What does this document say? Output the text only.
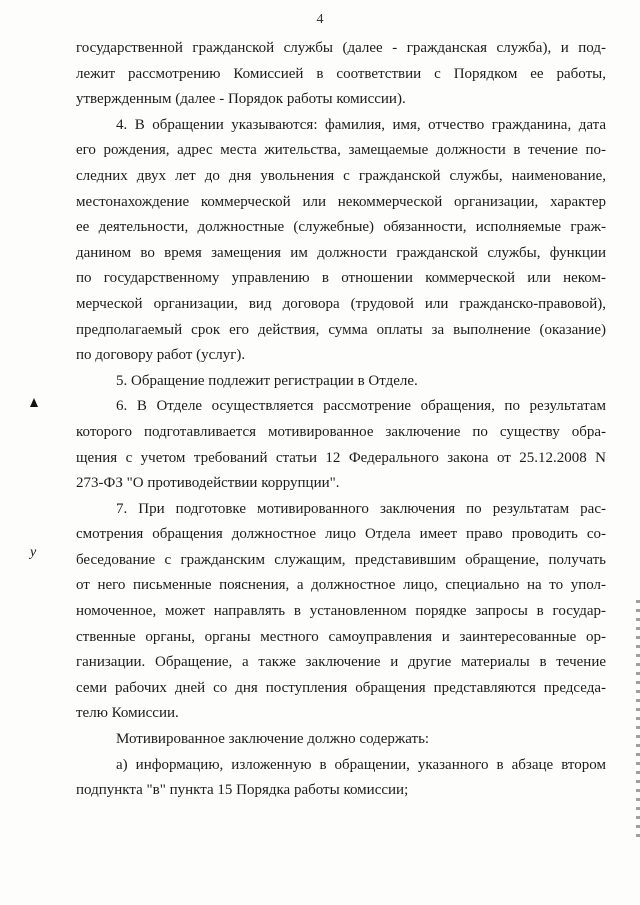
4
государственной гражданской службы (далее - гражданская служба), и под-
лежит рассмотрению Комиссией в соответствии с Порядком ее работы,
утвержденным (далее - Порядок работы комиссии).
4. В обращении указываются: фамилия, имя, отчество гражданина, дата
его рождения, адрес места жительства, замещаемые должности в течение по-
следних двух лет до дня увольнения с гражданской службы, наименование,
местонахождение коммерческой или некоммерческой организации, характер
ее деятельности, должностные (служебные) обязанности, исполняемые граж-
данином во время замещения им должности гражданской службы, функции
по государственному управлению в отношении коммерческой или неком-
мерческой организации, вид договора (трудовой или гражданско-правовой),
предполагаемый срок его действия, сумма оплаты за выполнение (оказание)
по договору работ (услуг).
5. Обращение подлежит регистрации в Отделе.
6. В Отделе осуществляется рассмотрение обращения, по результатам
которого подготавливается мотивированное заключение по существу обра-
щения с учетом требований статьи 12 Федерального закона от 25.12.2008 N
273-ФЗ "О противодействии коррупции".
7. При подготовке мотивированного заключения по результатам рас-
смотрения обращения должностное лицо Отдела имеет право проводить со-
беседование с гражданским служащим, представившим обращение, получать
от него письменные пояснения, а должностное лицо, специально на то упол-
номоченное, может направлять в установленном порядке запросы в государ-
ственные органы, органы местного самоуправления и заинтересованные ор-
ганизации. Обращение, а также заключение и другие материалы в течение
семи рабочих дней со дня поступления обращения представляются председа-
телю Комиссии.
Мотивированное заключение должно содержать:
а) информацию, изложенную в обращении, указанного в абзаце втором
подпункта "в" пункта 15 Порядка работы комиссии;
у
